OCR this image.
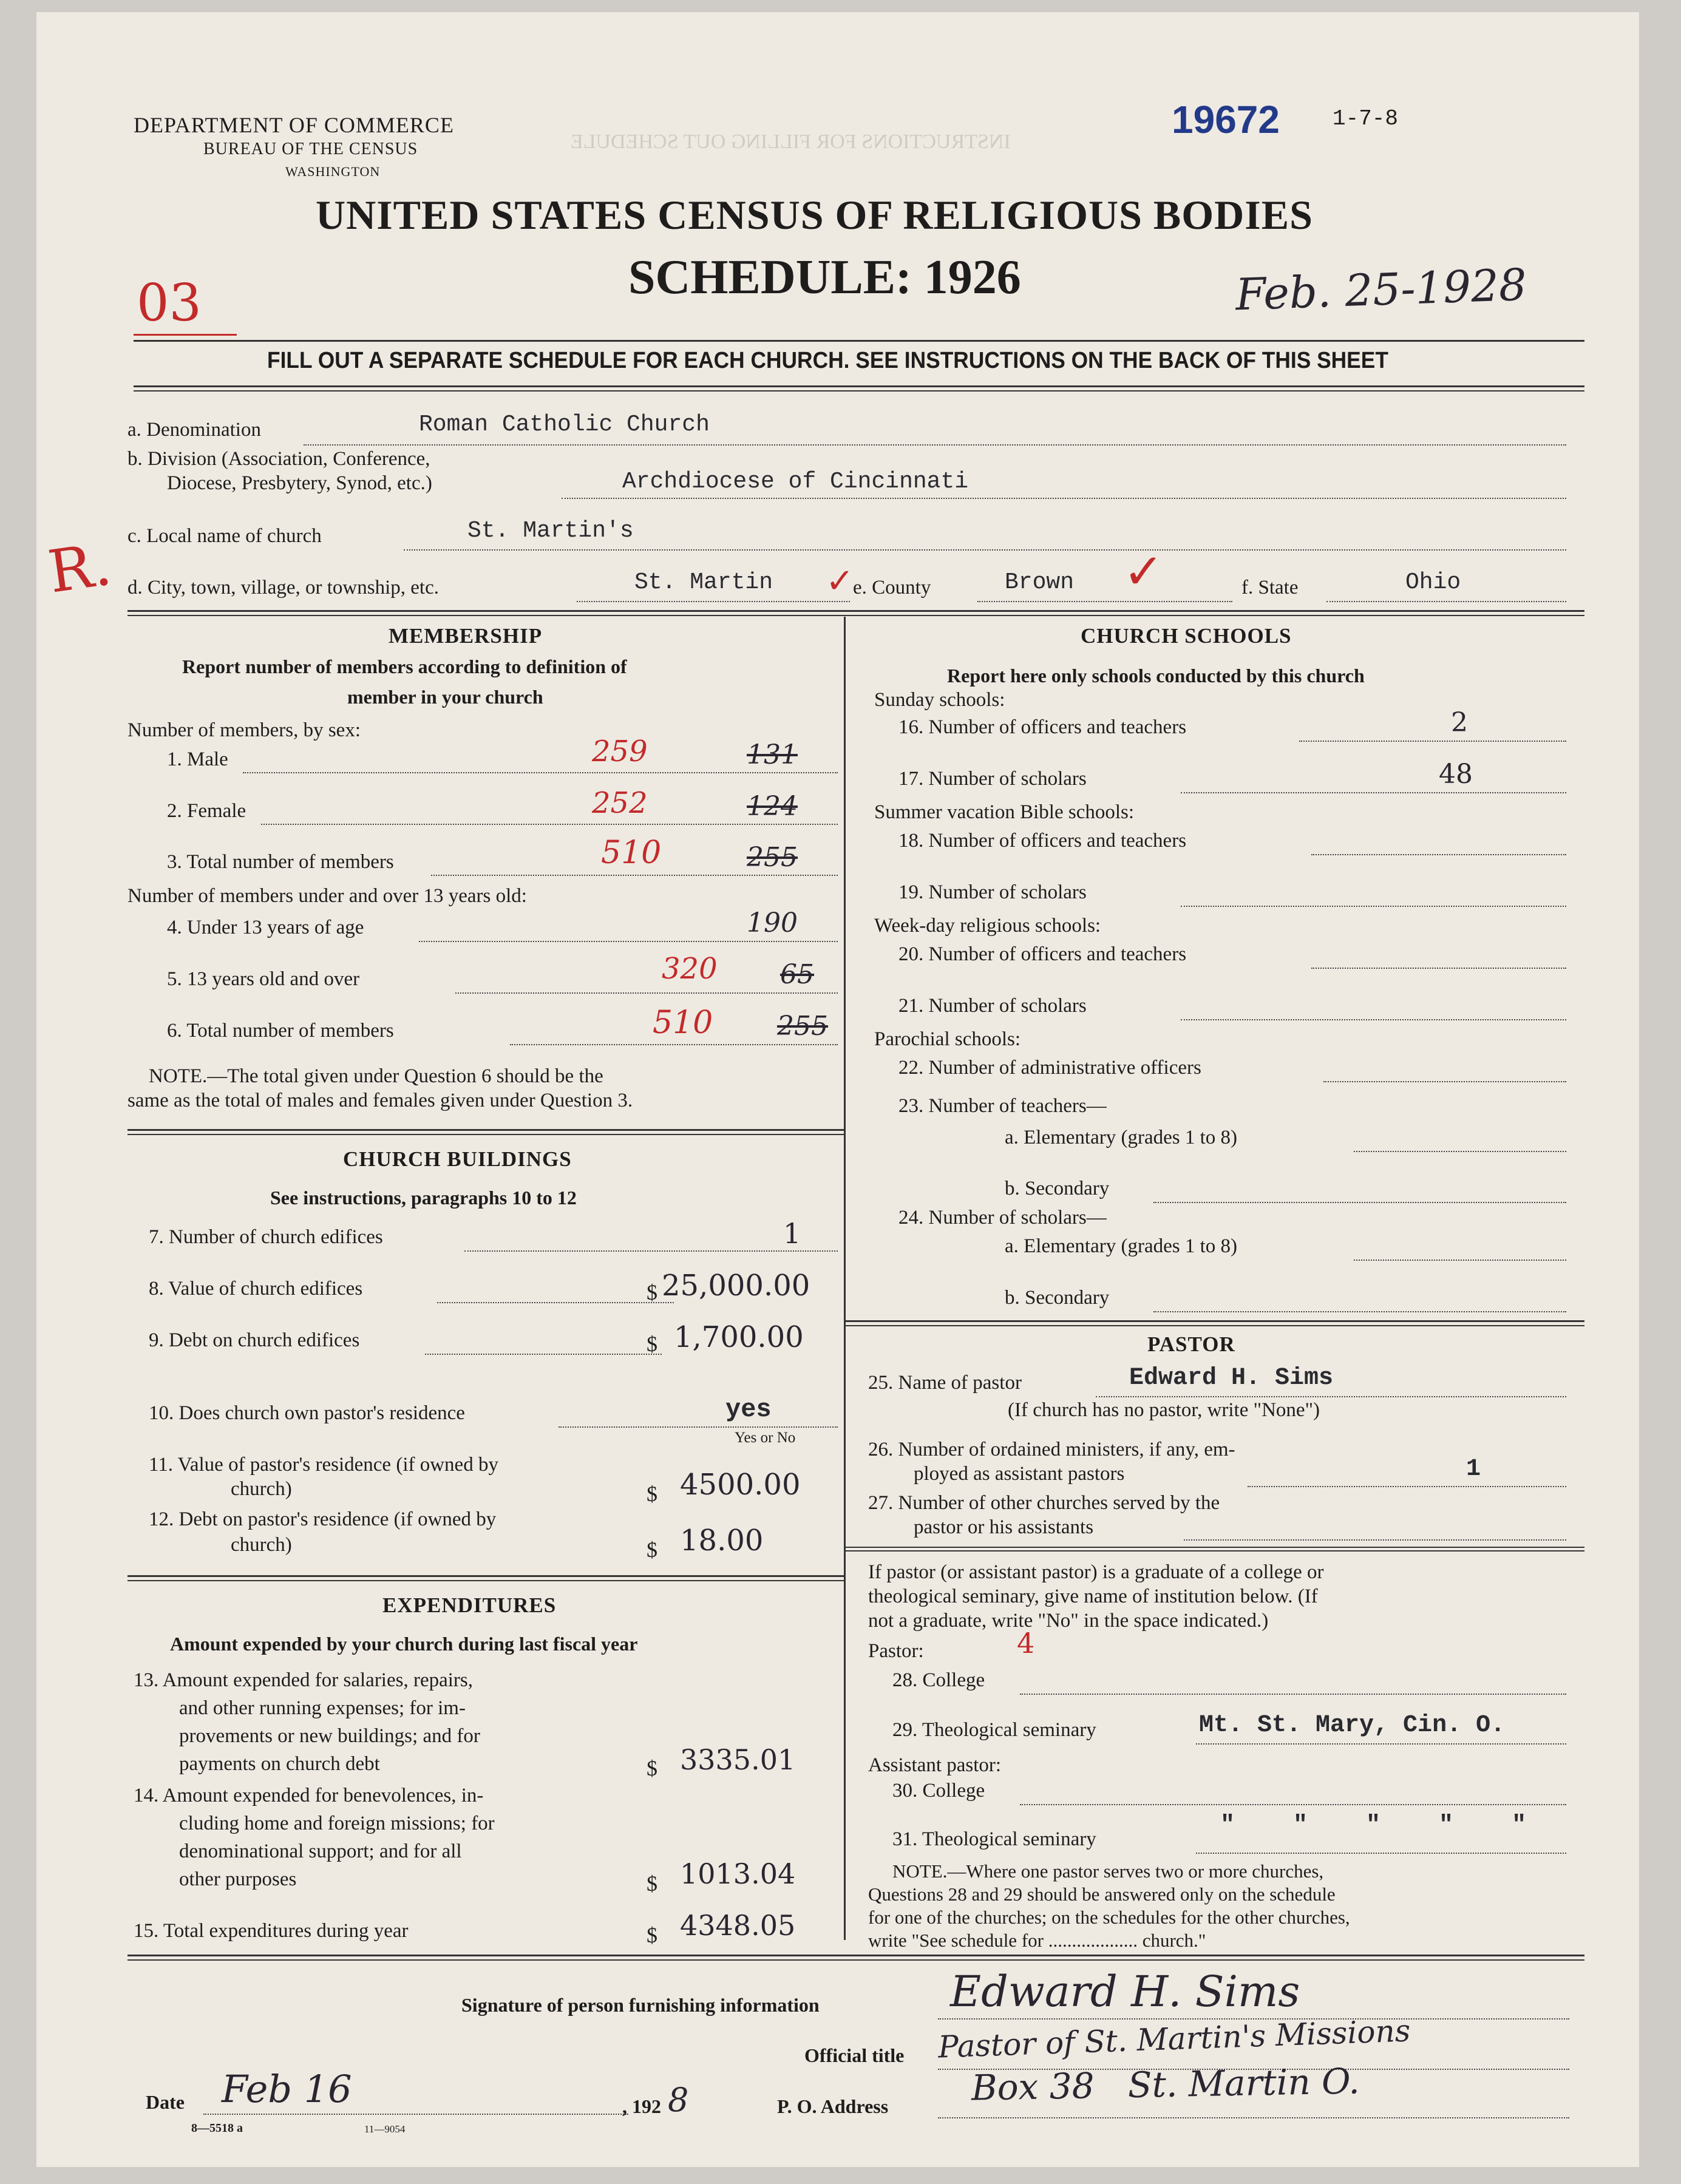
INSTRUCTIONS FOR FILLING OUT SCHEDULE
DEPARTMENT OF COMMERCE
BUREAU OF THE CENSUS
WASHINGTON
19672 1-7-8
UNITED STATES CENSUS OF RELIGIOUS BODIES
SCHEDULE: 1926	Feb. 25-1928
03
FILL OUT A SEPARATE SCHEDULE FOR EACH CHURCH. SEE INSTRUCTIONS ON THE BACK OF THIS SHEET
a. Denomination	Roman Catholic Church
b. Division (Association, Conference,
Diocese, Presbytery, Synod, etc.)	Archdiocese of Cincinnati
c. Local name of church	St. Martin's
R. d. City, town, village, or township, etc.	St. Martin ✓
e. County	Brown ✓	f. State	Ohio
MEMBERSHIP
Report number of members according to definition of
member in your church
Number of members, by sex:
1. Male	259	131
2. Female	252	124
3. Total number of members	510	255
Number of members under and over 13 years old:
4. Under 13 years of age	190
5. 13 years old and over	320 65
6. Total number of members	510 255
NOTE.—The total given under Question 6 should be the
same as the total of males and females given under Question 3.
CHURCH BUILDINGS
See instructions, paragraphs 10 to 12
7. Number of church edifices	1
8. Value of church edifices	$ 25,000.00
9. Debt on church edifices	$ 1,700.00
10. Does church own pastor's residence	yes
Yes or No
11. Value of pastor's residence (if owned by
church)	$ 4500.00
12. Debt on pastor's residence (if owned by
church)	$ 18.00
EXPENDITURES
Amount expended by your church during last fiscal year
13. Amount expended for salaries, repairs,
and other running expenses; for im-
provements or new buildings; and for
payments on church debt	$ 3335.01
14. Amount expended for benevolences, in-
cluding home and foreign missions; for
denominational support; and for all
other purposes	$ 1013.04
15. Total expenditures during year	$ 4348.05
CHURCH SCHOOLS
Report here only schools conducted by this church
Sunday schools:
16. Number of officers and teachers	2
17. Number of scholars	48
Summer vacation Bible schools:
18. Number of officers and teachers
19. Number of scholars
Week-day religious schools:
20. Number of officers and teachers
21. Number of scholars
Parochial schools:
22. Number of administrative officers
23. Number of teachers—
a. Elementary (grades 1 to 8)
b. Secondary
24. Number of scholars—
a. Elementary (grades 1 to 8)
b. Secondary
PASTOR
25. Name of pastor	Edward H. Sims
(If church has no pastor, write "None")
26. Number of ordained ministers, if any, em-
ployed as assistant pastors	1
27. Number of other churches served by the
pastor or his assistants
If pastor (or assistant pastor) is a graduate of a college or
theological seminary, give name of institution below. (If
not a graduate, write "No" in the space indicated.)
Pastor:	4
28. College
29. Theological seminary	Mt. St. Mary, Cin. O.
Assistant pastor:
30. College
31. Theological seminary	"    "    "    "    "
NOTE.—Where one pastor serves two or more churches,
Questions 28 and 29 should be answered only on the schedule
for one of the churches; on the schedules for the other churches,
write "See schedule for ................... church."
Signature of person furnishing information	Edward H. Sims
Official title Pastor of St. Martin's Missions
Date Feb 16	, 192 8	P. O. Address Box 38   St. Martin O.
8—5518 a	11—9054
